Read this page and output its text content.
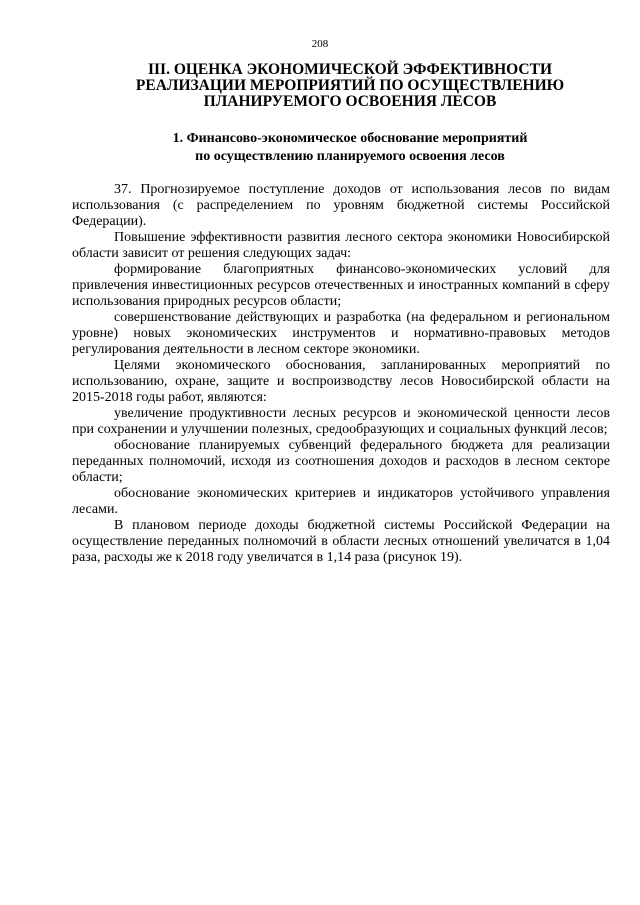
208
III. ОЦЕНКА ЭКОНОМИЧЕСКОЙ ЭФФЕКТИВНОСТИ
РЕАЛИЗАЦИИ МЕРОПРИЯТИЙ ПО ОСУЩЕСТВЛЕНИЮ
ПЛАНИРУЕМОГО ОСВОЕНИЯ ЛЕСОВ
1. Финансово-экономическое обоснование мероприятий
по осуществлению планируемого освоения лесов

37. Прогнозируемое поступление доходов от использования лесов по видам использования (с распределением по уровням бюджетной системы Российской Федерации).

Повышение эффективности развития лесного сектора экономики Новосибирской области зависит от решения следующих задач:

формирование благоприятных финансово-экономических условий для привлечения инвестиционных ресурсов отечественных и иностранных компаний в сферу использования природных ресурсов области;

совершенствование действующих и разработка (на федеральном и региональном уровне) новых экономических инструментов и нормативно-правовых методов регулирования деятельности в лесном секторе экономики.

Целями экономического обоснования, запланированных мероприятий по использованию, охране, защите и воспроизводству лесов Новосибирской области на 2015-2018 годы работ, являются:

увеличение продуктивности лесных ресурсов и экономической ценности лесов при сохранении и улучшении полезных, средообразующих и социальных функций лесов;

обоснование планируемых субвенций федерального бюджета для реализации переданных полномочий, исходя из соотношения доходов и расходов в лесном секторе области;

обоснование экономических критериев и индикаторов устойчивого управления лесами.

В плановом периоде доходы бюджетной системы Российской Федерации на осуществление переданных полномочий в области лесных отношений увеличатся в 1,04 раза, расходы же к 2018 году увеличатся в 1,14 раза (рисунок 19).
